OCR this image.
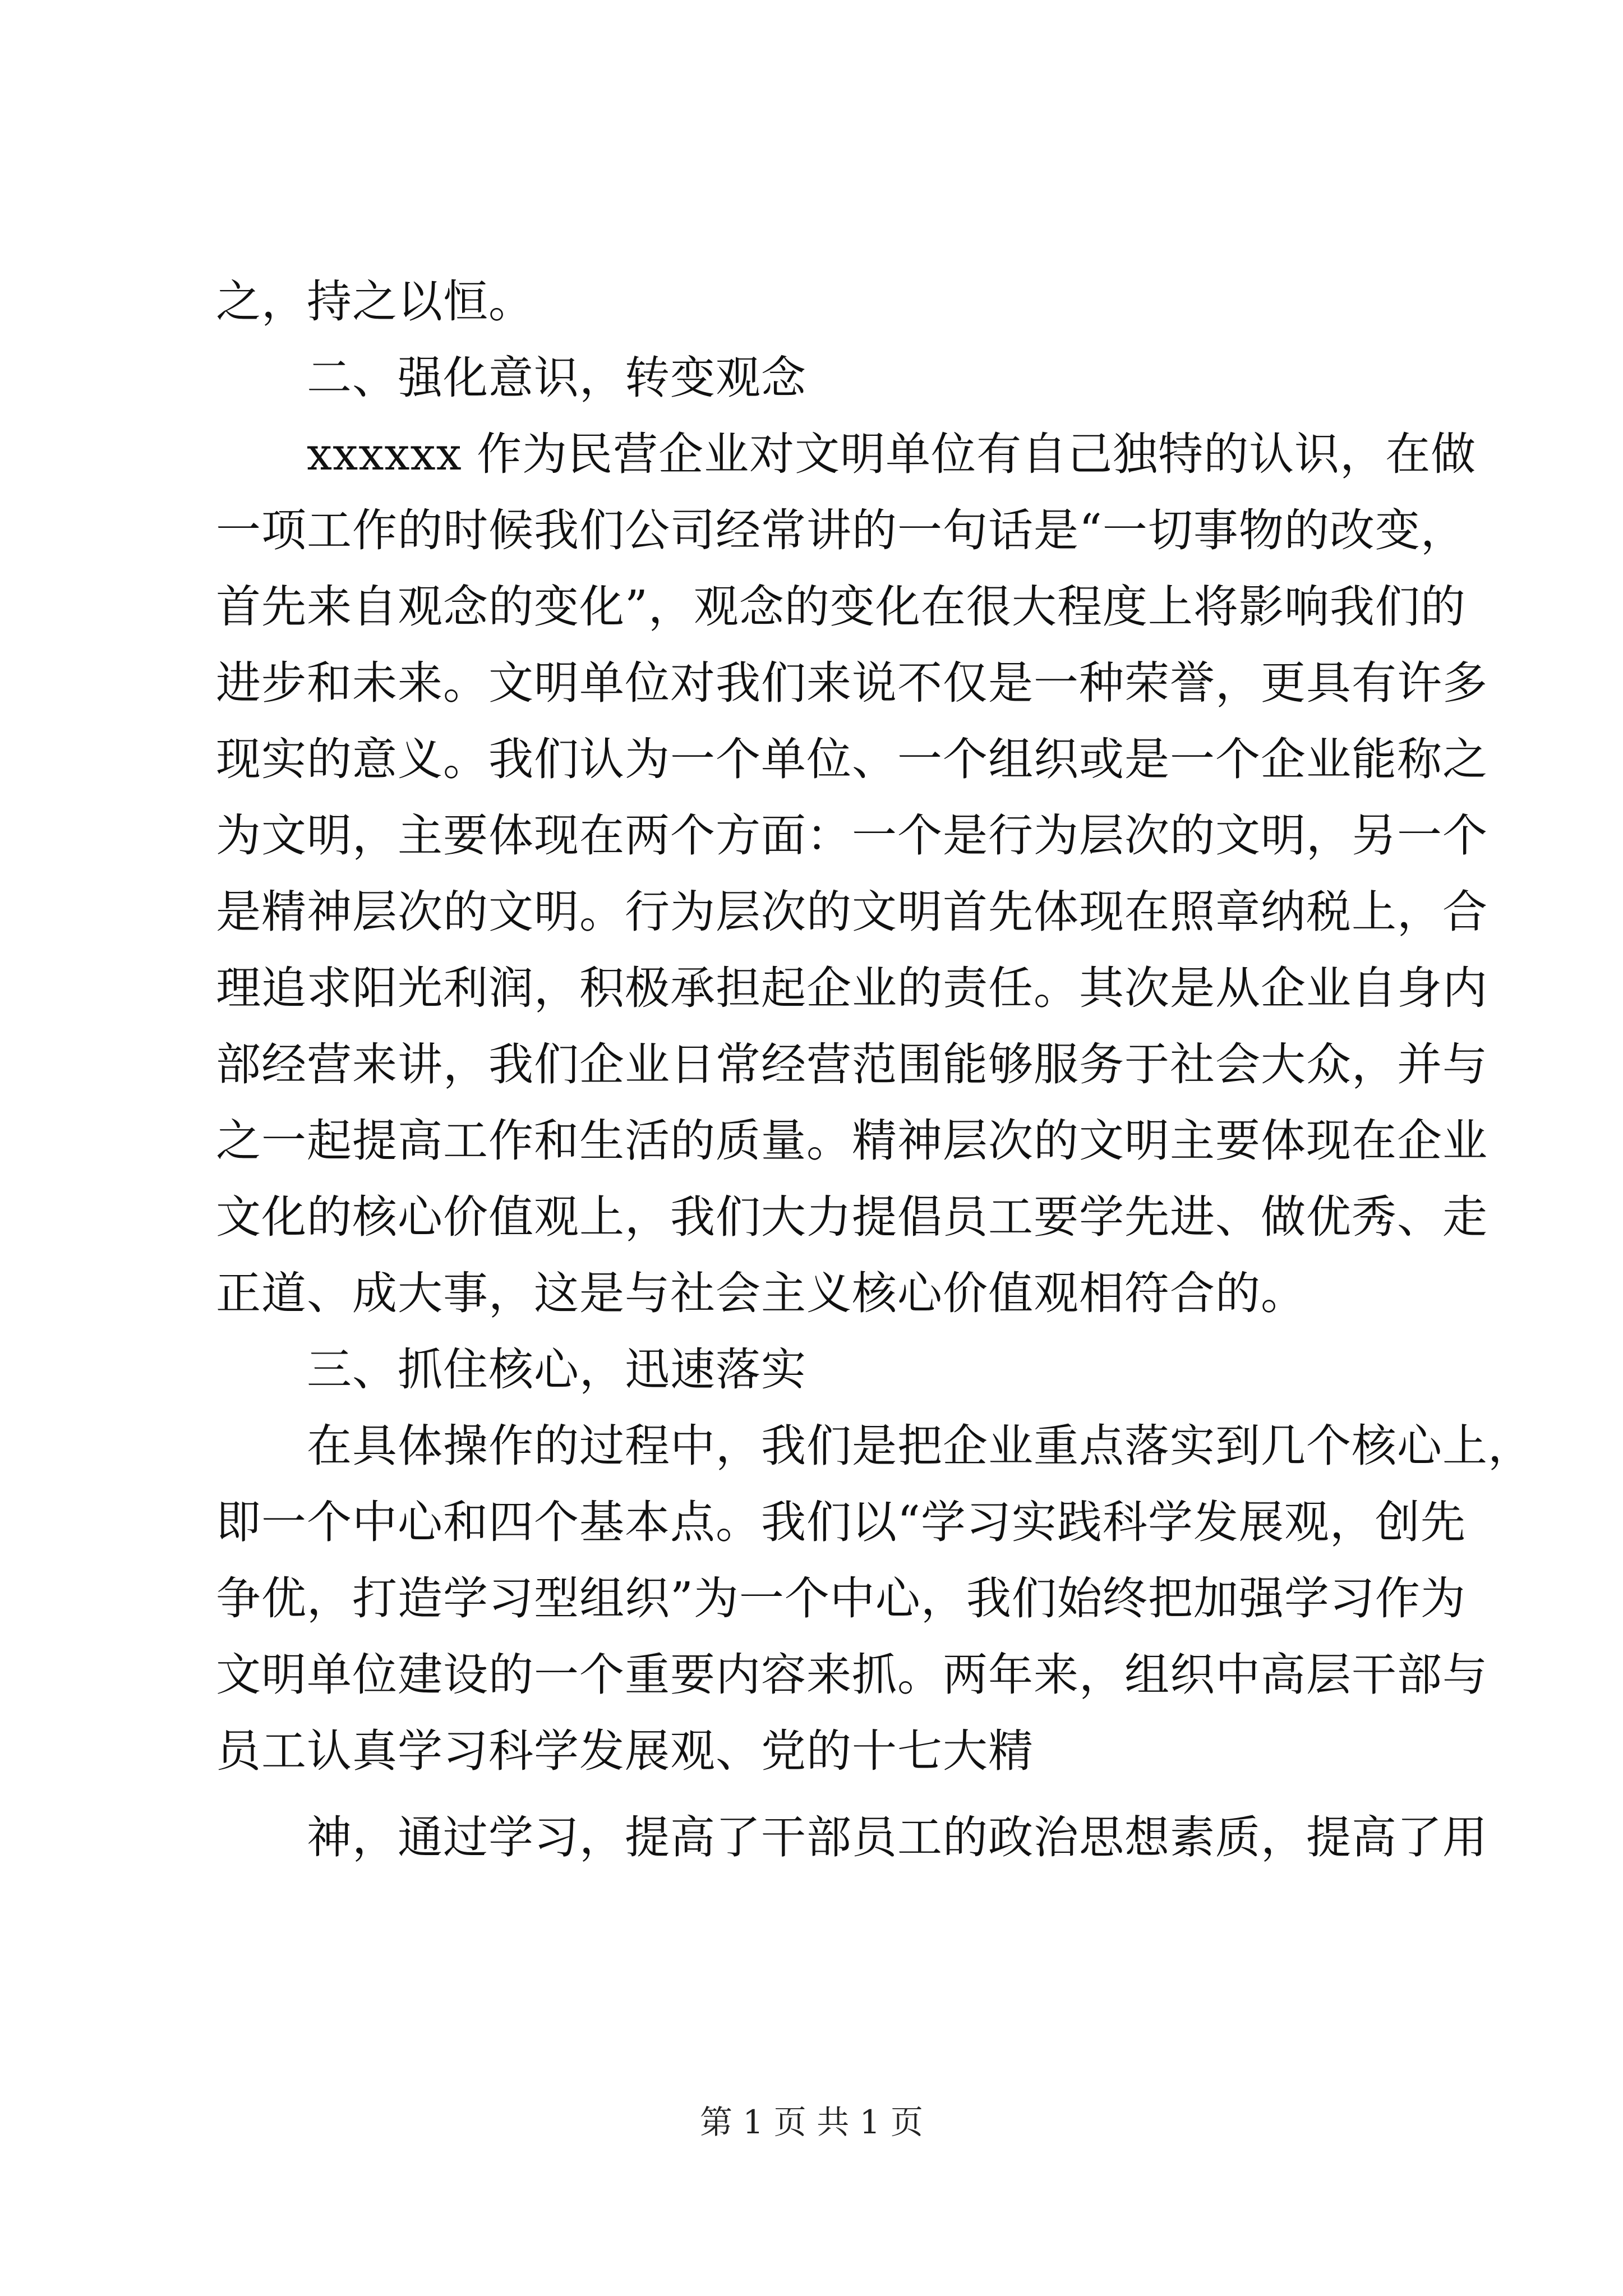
之，持之以恒。
二、强化意识，转变观念
xxxxxx 作为民营企业对文明单位有自己独特的认识，在做
一项工作的时候我们公司经常讲的一句话是“一切事物的改变，
首先来自观念的变化”，观念的变化在很大程度上将影响我们的
进步和未来。文明单位对我们来说不仅是一种荣誉，更具有许多
现实的意义。我们认为一个单位、一个组织或是一个企业能称之
为文明，主要体现在两个方面：一个是行为层次的文明，另一个
是精神层次的文明。行为层次的文明首先体现在照章纳税上，合
理追求阳光利润，积极承担起企业的责任。其次是从企业自身内
部经营来讲，我们企业日常经营范围能够服务于社会大众，并与
之一起提高工作和生活的质量。精神层次的文明主要体现在企业
文化的核心价值观上，我们大力提倡员工要学先进、做优秀、走
正道、成大事，这是与社会主义核心价值观相符合的。
三、抓住核心，迅速落实
在具体操作的过程中，我们是把企业重点落实到几个核心上，
即一个中心和四个基本点。我们以“学习实践科学发展观，创先
争优，打造学习型组织”为一个中心，我们始终把加强学习作为
文明单位建设的一个重要内容来抓。两年来，组织中高层干部与
员工认真学习科学发展观、党的十七大精
神，通过学习，提高了干部员工的政治思想素质，提高了用
第 1 页 共 1 页
